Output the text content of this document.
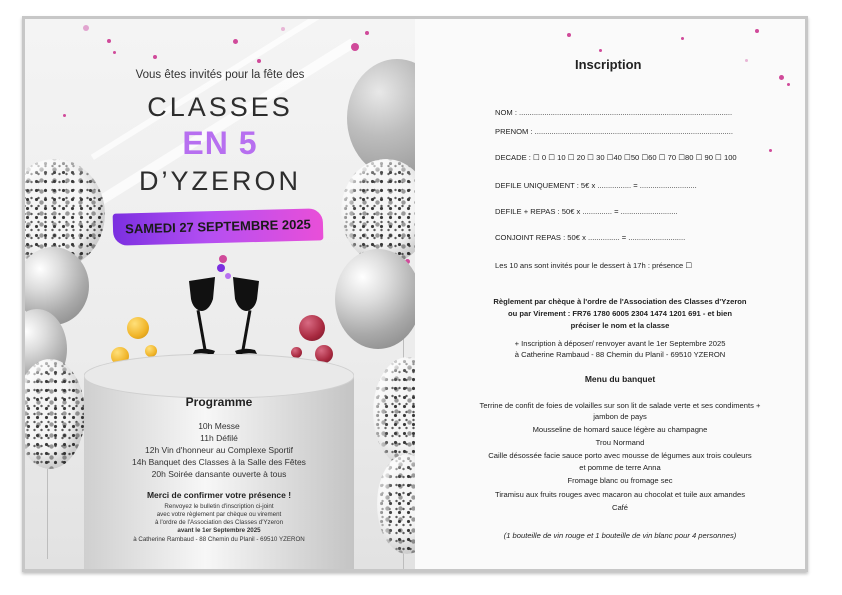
Vous êtes invités pour la fête des
CLASSES
EN 5
D’YZERON
SAMEDI 27 SEPTEMBRE 2025
Programme
10h Messe
11h Défilé
12h Vin d'honneur au Complexe Sportif
14h Banquet des Classes à la Salle des Fêtes
20h Soirée dansante ouverte à tous
Merci de confirmer votre présence !
Renvoyez le bulletin d'inscription ci-joint
avec votre règlement par chèque ou virement
à l'ordre de l'Association des Classes d'Yzeron
avant le 1er Septembre 2025
à Catherine Rambaud - 88 Chemin du Planil - 69510 YZERON
Inscription
NOM : .....................................................................................................
PRENOM : ..............................................................................................
DECADE : ☐ 0 ☐ 10 ☐ 20 ☐ 30 ☐40 ☐50 ☐60 ☐ 70 ☐80 ☐ 90 ☐ 100
DEFILE UNIQUEMENT : 5€ x ................ = ...........................
DEFILE + REPAS : 50€ x .............. = ...........................
CONJOINT REPAS : 50€ x ............... = ...........................
Les 10 ans sont invités pour le dessert à 17h : présence ☐
Règlement par chèque à l'ordre de l'Association des Classes d'Yzeron
ou par Virement : FR76 1780 6005 2304 1474 1201 691 - et bien
préciser le nom et la classe
+ Inscription à déposer/ renvoyer avant le 1er Septembre 2025
à Catherine Rambaud - 88 Chemin du Planil - 69510 YZERON
Menu du banquet
Terrine de confit de foies de volailles sur son lit de salade verte et ses condiments +
jambon de pays
Mousseline de homard sauce légère au champagne
Trou Normand
Caille désossée facie sauce porto avec mousse de légumes aux trois couleurs
et pomme de terre Anna
Fromage blanc ou fromage sec
Tiramisu aux fruits rouges avec macaron au chocolat et tuile aux amandes
Café
(1 bouteille de vin rouge et 1 bouteille de vin blanc pour 4 personnes)
